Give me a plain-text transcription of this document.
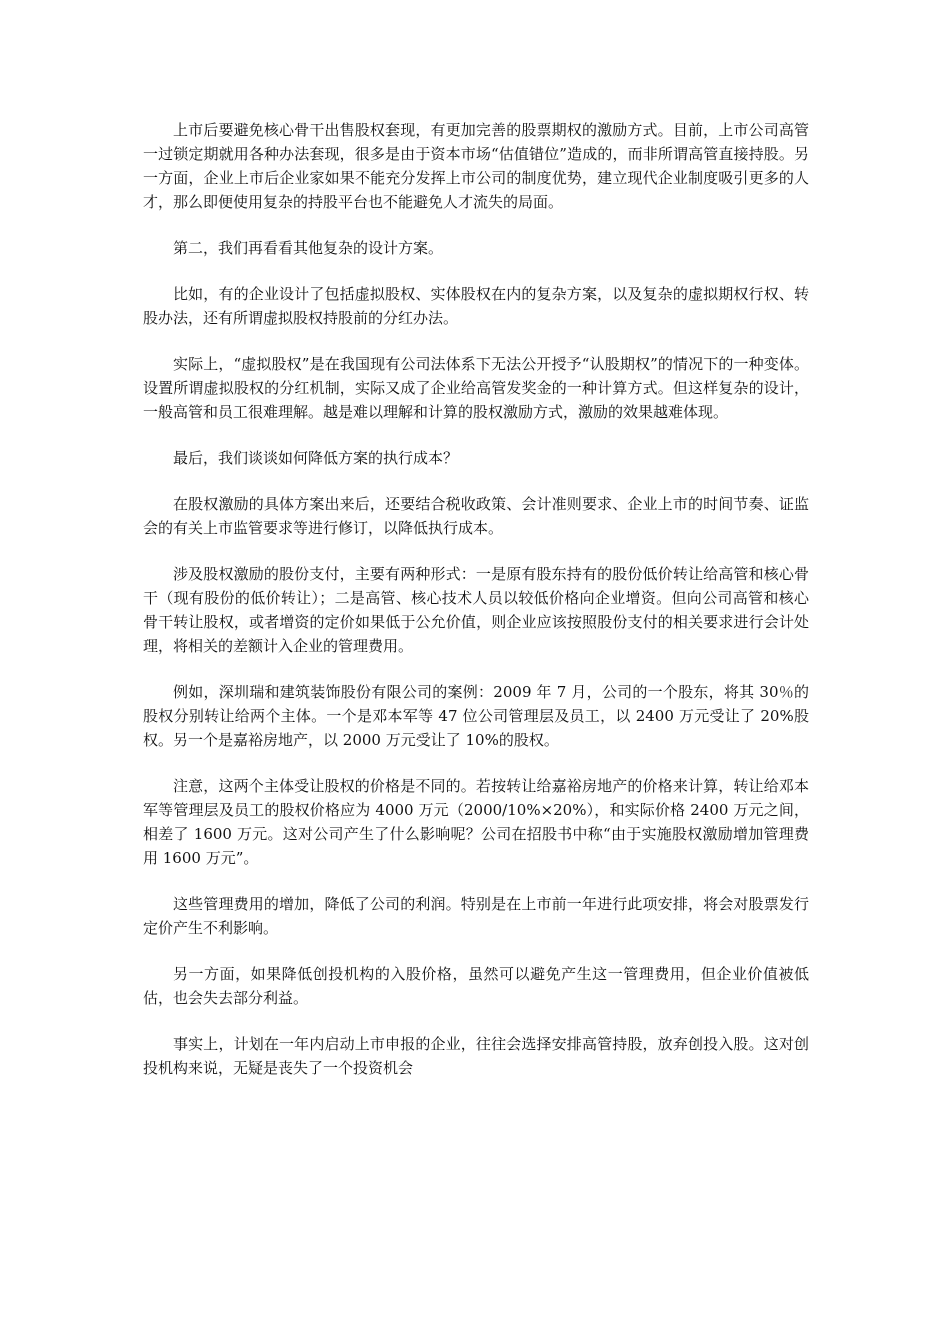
上市后要避免核心骨干出售股权套现，有更加完善的股票期权的激励方式。目前，上市公司高管一过锁定期就用各种办法套现，很多是由于资本市场“估值错位”造成的，而非所谓高管直接持股。另一方面，企业上市后企业家如果不能充分发挥上市公司的制度优势，建立现代企业制度吸引更多的人才，那么即便使用复杂的持股平台也不能避免人才流失的局面。

第二，我们再看看其他复杂的设计方案。

比如，有的企业设计了包括虚拟股权、实体股权在内的复杂方案，以及复杂的虚拟期权行权、转股办法，还有所谓虚拟股权持股前的分红办法。

实际上，“虚拟股权”是在我国现有公司法体系下无法公开授予“认股期权”的情况下的一种变体。设置所谓虚拟股权的分红机制，实际又成了企业给高管发奖金的一种计算方式。但这样复杂的设计，一般高管和员工很难理解。越是难以理解和计算的股权激励方式，激励的效果越难体现。

最后，我们谈谈如何降低方案的执行成本？

在股权激励的具体方案出来后，还要结合税收政策、会计准则要求、企业上市的时间节奏、证监会的有关上市监管要求等进行修订，以降低执行成本。

涉及股权激励的股份支付，主要有两种形式：一是原有股东持有的股份低价转让给高管和核心骨干（现有股份的低价转让）；二是高管、核心技术人员以较低价格向企业增资。但向公司高管和核心骨干转让股权，或者增资的定价如果低于公允价值，则企业应该按照股份支付的相关要求进行会计处理，将相关的差额计入企业的管理费用。

例如，深圳瑞和建筑装饰股份有限公司的案例：2009 年 7 月，公司的一个股东，将其 30％的股权分别转让给两个主体。一个是邓本军等 47 位公司管理层及员工，以 2400 万元受让了 20%股权。另一个是嘉裕房地产，以 2000 万元受让了 10%的股权。

注意，这两个主体受让股权的价格是不同的。若按转让给嘉裕房地产的价格来计算，转让给邓本军等管理层及员工的股权价格应为 4000 万元（2000/10%×20%），和实际价格 2400 万元之间，相差了 1600 万元。这对公司产生了什么影响呢？公司在招股书中称“由于实施股权激励增加管理费用 1600 万元”。

这些管理费用的增加，降低了公司的利润。特别是在上市前一年进行此项安排，将会对股票发行定价产生不利影响。

另一方面，如果降低创投机构的入股价格，虽然可以避免产生这一管理费用，但企业价值被低估，也会失去部分利益。

事实上，计划在一年内启动上市申报的企业，往往会选择安排高管持股，放弃创投入股。这对创投机构来说，无疑是丧失了一个投资机会
